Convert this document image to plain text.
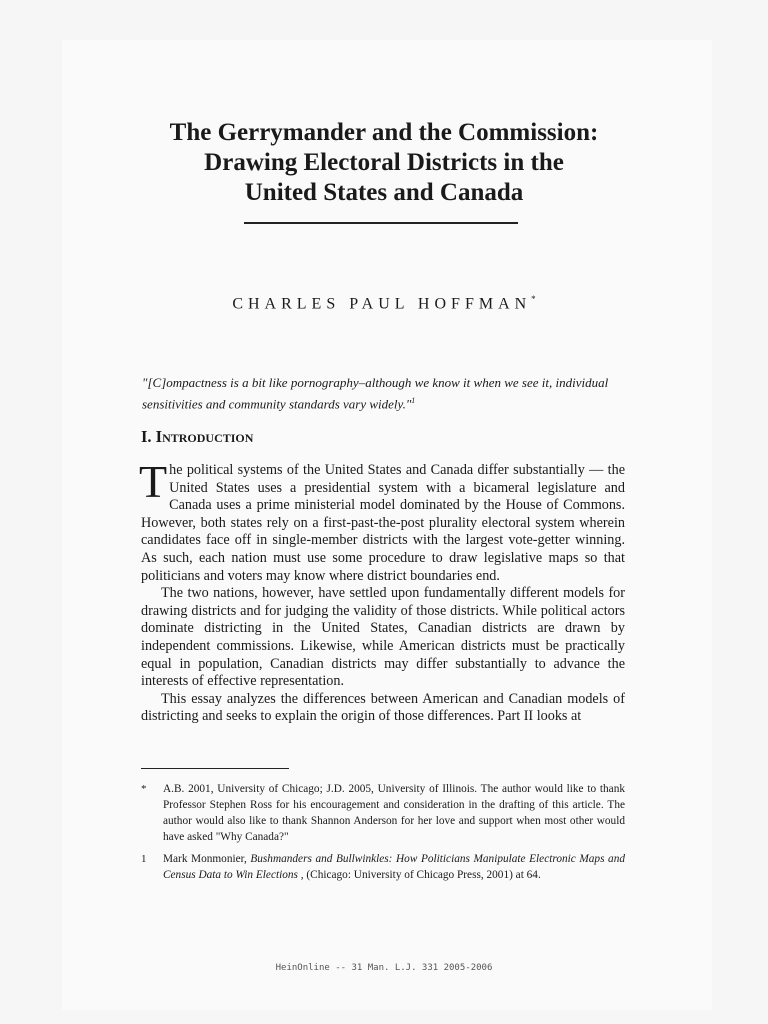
The Gerrymander and the Commission:
Drawing Electoral Districts in the
United States and Canada
CHARLES PAUL HOFFMAN*
"[C]ompactness is a bit like pornography–although we know it when we see it, individual sensitivities and community standards vary widely."$^1$
I. Introduction

The political systems of the United States and Canada differ substantially — the United States uses a presidential system with a bicameral legislature and Canada uses a prime ministerial model dominated by the House of Commons. However, both states rely on a first-past-the-post plurality electoral system wherein candidates face off in single-member districts with the largest vote-getter winning. As such, each nation must use some procedure to draw legislative maps so that politicians and voters may know where district boundaries end.

The two nations, however, have settled upon fundamentally different models for drawing districts and for judging the validity of those districts. While political actors dominate districting in the United States, Canadian districts are drawn by independent commissions. Likewise, while American districts must be practically equal in population, Canadian districts may differ substantially to advance the interests of effective representation.

This essay analyzes the differences between American and Canadian models of districting and seeks to explain the origin of those differences. Part II looks at

* A.B. 2001, University of Chicago; J.D. 2005, University of Illinois. The author would like to thank Professor Stephen Ross for his encouragement and consideration in the drafting of this article. The author would also like to thank Shannon Anderson for her love and support when most other would have asked "Why Canada?"
1 Mark Monmonier, Bushmanders and Bullwinkles: How Politicians Manipulate Electronic Maps and Census Data to Win Elections , (Chicago: University of Chicago Press, 2001) at 64.
HeinOnline -- 31 Man. L.J. 331 2005-2006
